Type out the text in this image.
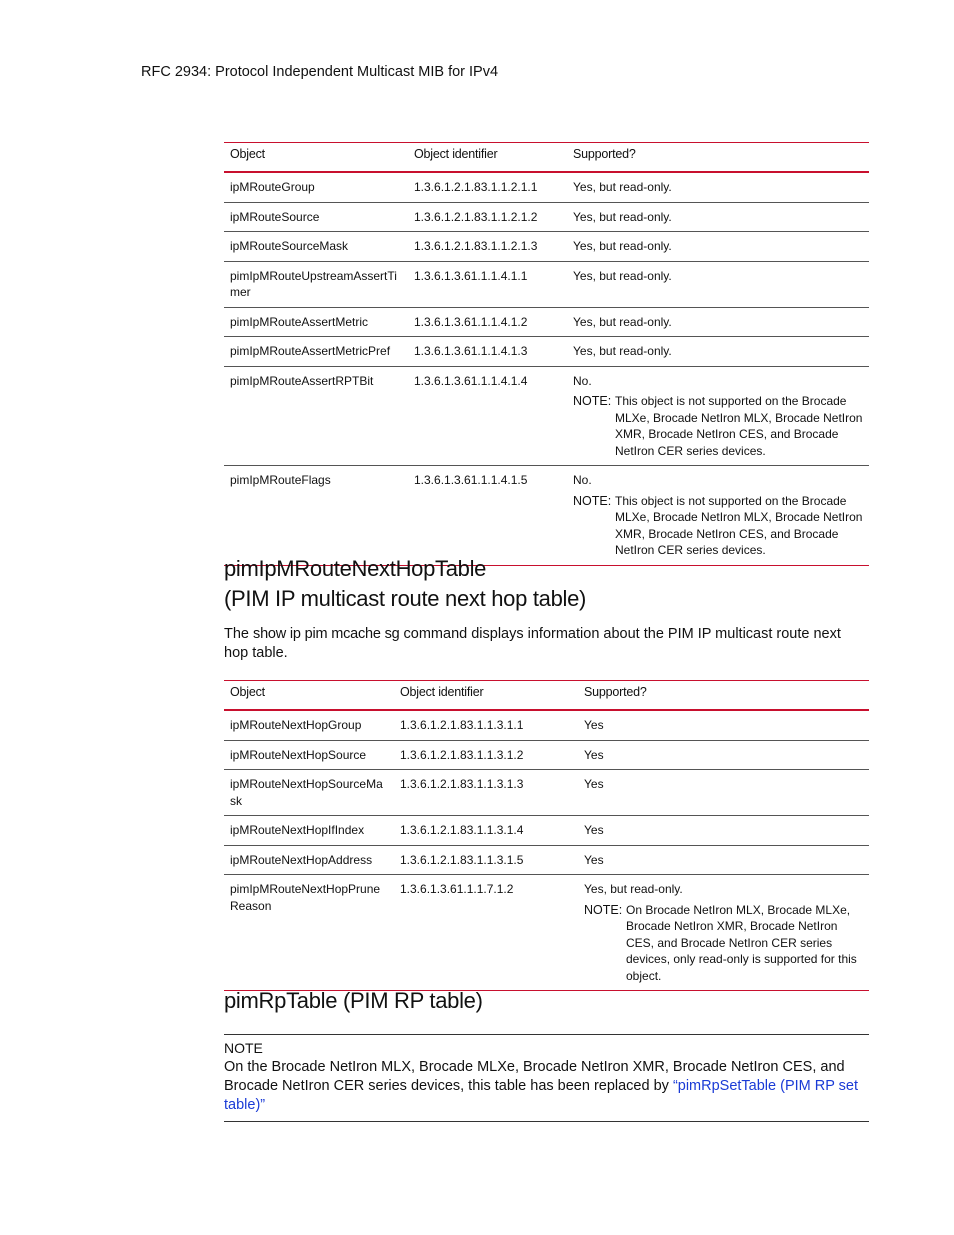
RFC 2934: Protocol Independent Multicast MIB for IPv4
Object	Object identifier	Supported?
ipMRouteGroup	1.3.6.1.2.1.83.1.1.2.1.1	Yes, but read-only.

ipMRouteSource	1.3.6.1.2.1.83.1.1.2.1.2	Yes, but read-only.

ipMRouteSourceMask	1.3.6.1.2.1.83.1.1.2.1.3	Yes, but read-only.

pimIpMRouteUpstreamAssertTimer	1.3.6.1.3.61.1.1.4.1.1	Yes, but read-only.

pimIpMRouteAssertMetric	1.3.6.1.3.61.1.1.4.1.2	Yes, but read-only.

pimIpMRouteAssertMetricPref	1.3.6.1.3.61.1.1.4.1.3	Yes, but read-only.

pimIpMRouteAssertRPTBit	1.3.6.1.3.61.1.1.4.1.4	No.
NOTE: This object is not supported on the Brocade MLXe, Brocade NetIron MLX, Brocade NetIron XMR, Brocade NetIron CES, and Brocade NetIron CER series devices.

pimIpMRouteFlags	1.3.6.1.3.61.1.1.4.1.5	No.
NOTE: This object is not supported on the Brocade MLXe, Brocade NetIron MLX, Brocade NetIron XMR, Brocade NetIron CES, and Brocade NetIron CER series devices.
pimIpMRouteNextHopTable
(PIM IP multicast route next hop table)
The show ip pim mcache sg command displays information about the PIM IP multicast route next hop table.
Object	Object identifier	Supported?
ipMRouteNextHopGroup	1.3.6.1.2.1.83.1.1.3.1.1	Yes

ipMRouteNextHopSource	1.3.6.1.2.1.83.1.1.3.1.2	Yes

ipMRouteNextHopSourceMask	1.3.6.1.2.1.83.1.1.3.1.3	Yes

ipMRouteNextHopIfIndex	1.3.6.1.2.1.83.1.1.3.1.4	Yes

ipMRouteNextHopAddress	1.3.6.1.2.1.83.1.1.3.1.5	Yes

pimIpMRouteNextHopPruneReason	1.3.6.1.3.61.1.1.7.1.2	Yes, but read-only.
NOTE: On Brocade NetIron MLX, Brocade MLXe, Brocade NetIron XMR, Brocade NetIron CES, and Brocade NetIron CER series devices, only read-only is supported for this object.
pimRpTable (PIM RP table)
NOTE
On the Brocade NetIron MLX, Brocade MLXe, Brocade NetIron XMR, Brocade NetIron CES, and Brocade NetIron CER series devices, this table has been replaced by “pimRpSetTable (PIM RP set table)”
